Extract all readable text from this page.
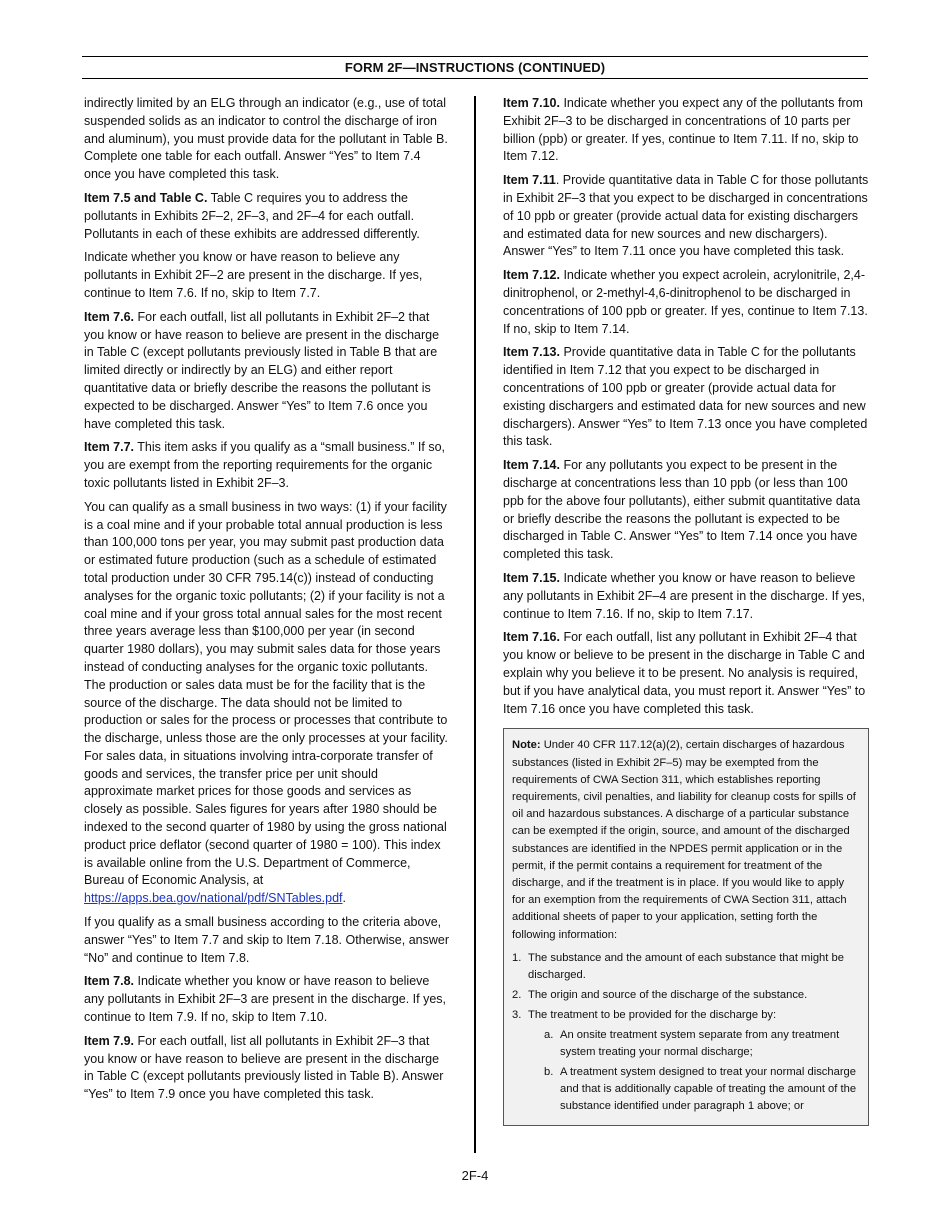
FORM 2F—INSTRUCTIONS (CONTINUED)

indirectly limited by an ELG through an indicator (e.g., use of total suspended solids as an indicator to control the discharge of iron and aluminum), you must provide data for the pollutant in Table B. Complete one table for each outfall. Answer “Yes” to Item 7.4 once you have completed this task.

Item 7.5 and Table C. Table C requires you to address the pollutants in Exhibits 2F–2, 2F–3, and 2F–4 for each outfall. Pollutants in each of these exhibits are addressed differently.

Indicate whether you know or have reason to believe any pollutants in Exhibit 2F–2 are present in the discharge. If yes, continue to Item 7.6. If no, skip to Item 7.7.

Item 7.6. For each outfall, list all pollutants in Exhibit 2F–2 that you know or have reason to believe are present in the discharge in Table C (except pollutants previously listed in Table B that are limited directly or indirectly by an ELG) and either report quantitative data or briefly describe the reasons the pollutant is expected to be discharged. Answer “Yes” to Item 7.6 once you have completed this task.

Item 7.7. This item asks if you qualify as a “small business.” If so, you are exempt from the reporting requirements for the organic toxic pollutants listed in Exhibit 2F–3.

You can qualify as a small business in two ways: (1) if your facility is a coal mine and if your probable total annual production is less than 100,000 tons per year, you may submit past production data or estimated future production (such as a schedule of estimated total production under 30 CFR 795.14(c)) instead of conducting analyses for the organic toxic pollutants; (2) if your facility is not a coal mine and if your gross total annual sales for the most recent three years average less than $100,000 per year (in second quarter 1980 dollars), you may submit sales data for those years instead of conducting analyses for the organic toxic pollutants. The production or sales data must be for the facility that is the source of the discharge. The data should not be limited to production or sales for the process or processes that contribute to the discharge, unless those are the only processes at your facility. For sales data, in situations involving intra-corporate transfer of goods and services, the transfer price per unit should approximate market prices for those goods and services as closely as possible. Sales figures for years after 1980 should be indexed to the second quarter of 1980 by using the gross national product price deflator (second quarter of 1980 = 100). This index is available online from the U.S. Department of Commerce, Bureau of Economic Analysis, at https://apps.bea.gov/national/pdf/SNTables.pdf.

If you qualify as a small business according to the criteria above, answer “Yes” to Item 7.7 and skip to Item 7.18. Otherwise, answer “No” and continue to Item 7.8.

Item 7.8. Indicate whether you know or have reason to believe any pollutants in Exhibit 2F–3 are present in the discharge. If yes, continue to Item 7.9. If no, skip to Item 7.10.

Item 7.9. For each outfall, list all pollutants in Exhibit 2F–3 that you know or have reason to believe are present in the discharge in Table C (except pollutants previously listed in Table B). Answer “Yes” to Item 7.9 once you have completed this task.

Item 7.10. Indicate whether you expect any of the pollutants from Exhibit 2F–3 to be discharged in concentrations of 10 parts per billion (ppb) or greater. If yes, continue to Item 7.11. If no, skip to Item 7.12.

Item 7.11. Provide quantitative data in Table C for those pollutants in Exhibit 2F–3 that you expect to be discharged in concentrations of 10 ppb or greater (provide actual data for existing dischargers and estimated data for new sources and new dischargers). Answer “Yes” to Item 7.11 once you have completed this task.

Item 7.12. Indicate whether you expect acrolein, acrylonitrile, 2,4-dinitrophenol, or 2-methyl-4,6-dinitrophenol to be discharged in concentrations of 100 ppb or greater. If yes, continue to Item 7.13. If no, skip to Item 7.14.

Item 7.13. Provide quantitative data in Table C for the pollutants identified in Item 7.12 that you expect to be discharged in concentrations of 100 ppb or greater (provide actual data for existing dischargers and estimated data for new sources and new dischargers). Answer “Yes” to Item 7.13 once you have completed this task.

Item 7.14. For any pollutants you expect to be present in the discharge at concentrations less than 10 ppb (or less than 100 ppb for the above four pollutants), either submit quantitative data or briefly describe the reasons the pollutant is expected to be discharged in Table C. Answer “Yes” to Item 7.14 once you have completed this task.

Item 7.15. Indicate whether you know or have reason to believe any pollutants in Exhibit 2F–4 are present in the discharge. If yes, continue to Item 7.16. If no, skip to Item 7.17.

Item 7.16. For each outfall, list any pollutant in Exhibit 2F–4 that you know or believe to be present in the discharge in Table C and explain why you believe it to be present. No analysis is required, but if you have analytical data, you must report it. Answer “Yes” to Item 7.16 once you have completed this task.

Note: Under 40 CFR 117.12(a)(2), certain discharges of hazardous substances (listed in Exhibit 2F–5) may be exempted from the requirements of CWA Section 311, which establishes reporting requirements, civil penalties, and liability for cleanup costs for spills of oil and hazardous substances. A discharge of a particular substance can be exempted if the origin, source, and amount of the discharged substances are identified in the NPDES permit application or in the permit, if the permit contains a requirement for treatment of the discharge, and if the treatment is in place. If you would like to apply for an exemption from the requirements of CWA Section 311, attach additional sheets of paper to your application, setting forth the following information:

1. The substance and the amount of each substance that might be discharged.
2. The origin and source of the discharge of the substance.
3. The treatment to be provided for the discharge by:
a. An onsite treatment system separate from any treatment system treating your normal discharge;
b. A treatment system designed to treat your normal discharge and that is additionally capable of treating the amount of the substance identified under paragraph 1 above; or
2F-4
